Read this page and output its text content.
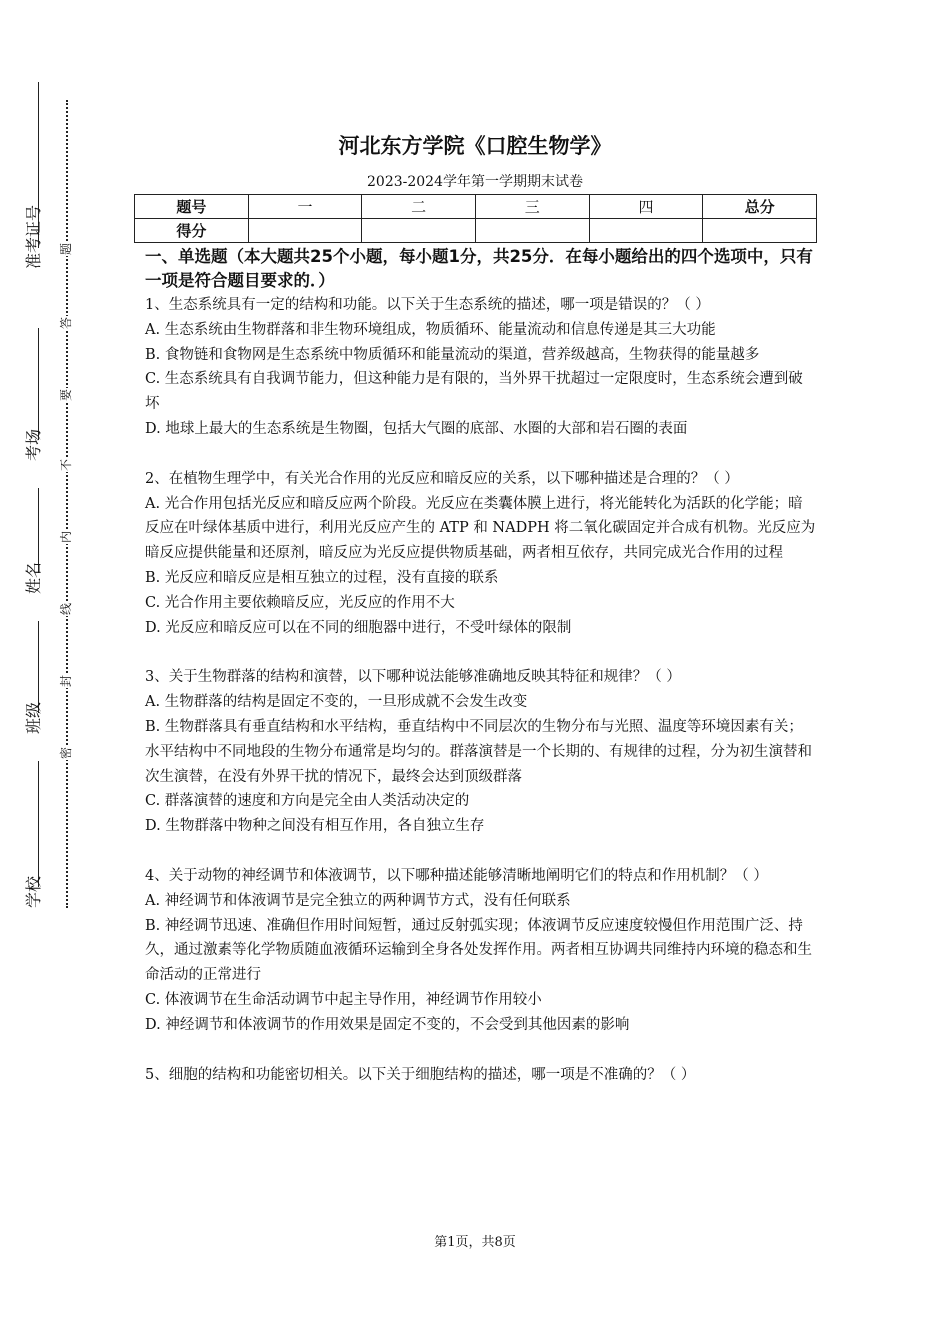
准考证号
考场
姓名
班级
学校
题
答
要
不
内
线
封
密
河北东方学院《口腔生物学》
2023-2024学年第一学期期末试卷
题号	一	二	三	四	总分
得分					
一、单选题（本大题共25个小题，每小题1分，共25分．在每小题给出的四个选项中，只有一项是符合题目要求的．）

1、生态系统具有一定的结构和功能。以下关于生态系统的描述，哪一项是错误的？（ ）

A. 生态系统由生物群落和非生物环境组成，物质循环、能量流动和信息传递是其三大功能

B. 食物链和食物网是生态系统中物质循环和能量流动的渠道，营养级越高，生物获得的能量越多

C. 生态系统具有自我调节能力，但这种能力是有限的，当外界干扰超过一定限度时，生态系统会遭到破坏

D. 地球上最大的生态系统是生物圈，包括大气圈的底部、水圈的大部和岩石圈的表面

2、在植物生理学中，有关光合作用的光反应和暗反应的关系，以下哪种描述是合理的？（ ）

A. 光合作用包括光反应和暗反应两个阶段。光反应在类囊体膜上进行，将光能转化为活跃的化学能；暗反应在叶绿体基质中进行，利用光反应产生的 ATP 和 NADPH 将二氧化碳固定并合成有机物。光反应为暗反应提供能量和还原剂，暗反应为光反应提供物质基础，两者相互依存，共同完成光合作用的过程

B. 光反应和暗反应是相互独立的过程，没有直接的联系

C. 光合作用主要依赖暗反应，光反应的作用不大

D. 光反应和暗反应可以在不同的细胞器中进行，不受叶绿体的限制

3、关于生物群落的结构和演替，以下哪种说法能够准确地反映其特征和规律？（ ）

A. 生物群落的结构是固定不变的，一旦形成就不会发生改变

B. 生物群落具有垂直结构和水平结构，垂直结构中不同层次的生物分布与光照、温度等环境因素有关；水平结构中不同地段的生物分布通常是均匀的。群落演替是一个长期的、有规律的过程，分为初生演替和次生演替，在没有外界干扰的情况下，最终会达到顶级群落

C. 群落演替的速度和方向是完全由人类活动决定的

D. 生物群落中物种之间没有相互作用，各自独立生存

4、关于动物的神经调节和体液调节，以下哪种描述能够清晰地阐明它们的特点和作用机制？（ ）

A. 神经调节和体液调节是完全独立的两种调节方式，没有任何联系

B. 神经调节迅速、准确但作用时间短暂，通过反射弧实现；体液调节反应速度较慢但作用范围广泛、持久，通过激素等化学物质随血液循环运输到全身各处发挥作用。两者相互协调共同维持内环境的稳态和生命活动的正常进行

C. 体液调节在生命活动调节中起主导作用，神经调节作用较小

D. 神经调节和体液调节的作用效果是固定不变的，不会受到其他因素的影响

5、细胞的结构和功能密切相关。以下关于细胞结构的描述，哪一项是不准确的？（ ）

第1页，共8页
